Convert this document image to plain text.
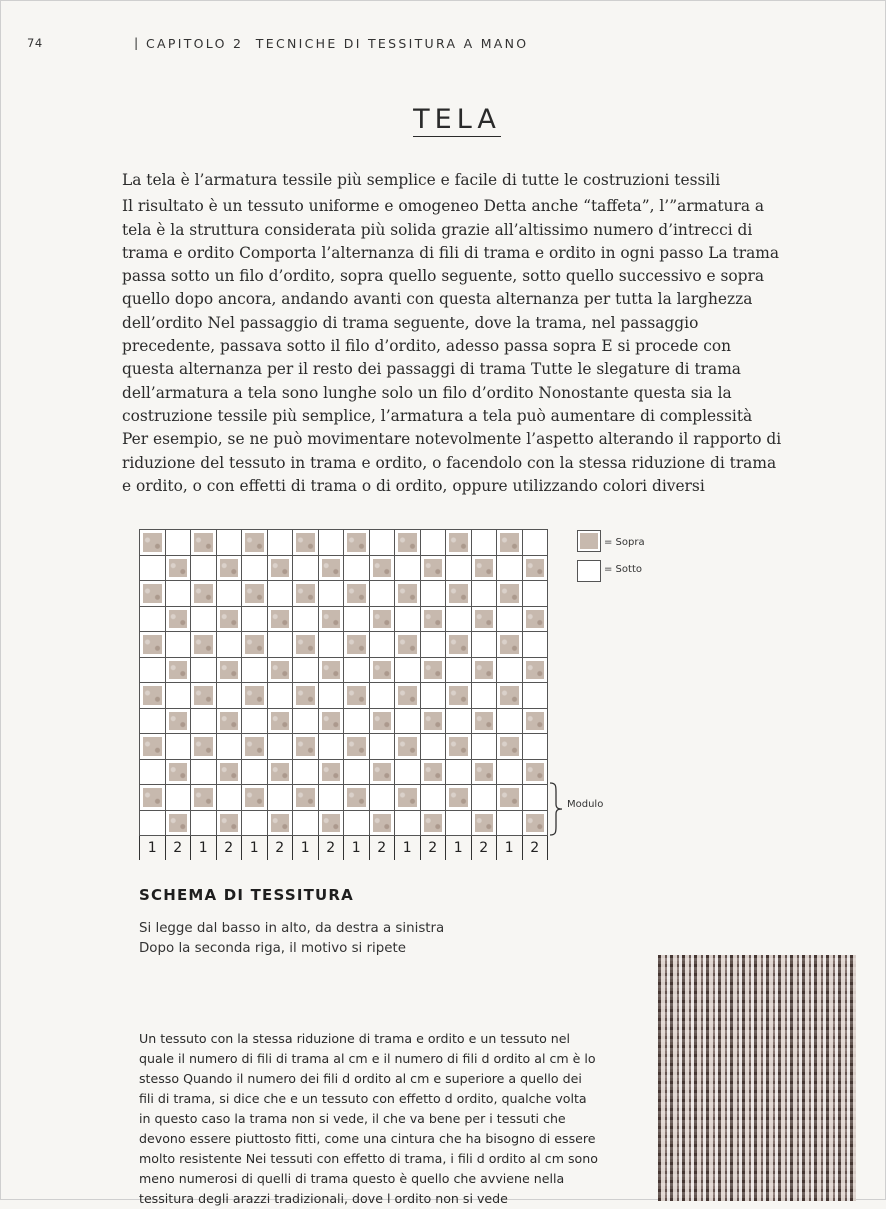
74	| CAPITOLO 2  TECNICHE DI TESSITURA A MANO
TELA

La tela è l’armatura tessile più semplice e facile di tutte le costruzioni tessili

Il risultato è un tessuto uniforme e omogeneo Detta anche “taffeta”, l’”armatura a tela è la struttura considerata più solida grazie all’altissimo numero d’intrecci di trama e ordito Comporta l’alternanza di fili di trama e ordito in ogni passo La trama passa sotto un filo d’ordito, sopra quello seguente, sotto quello successivo e sopra quello dopo ancora, andando avanti con questa alternanza per tutta la larghezza dell’ordito Nel passaggio di trama seguente, dove la trama, nel passaggio precedente, passava sotto il filo d’ordito, adesso passa sopra E si procede con questa alternanza per il resto dei passaggi di trama Tutte le slegature di trama dell’armatura a tela sono lunghe solo un filo d’ordito Nonostante questa sia la costruzione tessile più semplice, l’armatura a tela può aumentare di complessità Per esempio, se ne può movimentare notevolmente l’aspetto alterando il rapporto di riduzione del tessuto in trama e ordito, o facendolo con la stessa riduzione di trama e ordito, o con effetti di trama o di ordito, oppure utilizzando colori diversi

1	2	1	2	1	2	1	2	1	2	1	2	1	2	1	2
= Sopra
= Sotto
Modulo
SCHEMA DI TESSITURA

Si legge dal basso in alto, da destra a sinistra

Dopo la seconda riga, il motivo si ripete

Un tessuto con la stessa riduzione di trama e ordito e un tessuto nel quale il numero di fili di trama al cm e il numero di fili d ordito al cm è lo stesso Quando il numero dei fili d ordito al cm e superiore a quello dei fili di trama, si dice che e un tessuto con effetto d ordito, qualche volta in questo caso la trama non si vede, il che va bene per i tessuti che devono essere piuttosto fitti, come una cintura che ha bisogno di essere molto resistente Nei tessuti con effetto di trama, i fili d ordito al cm sono meno numerosi di quelli di trama questo è quello che avviene nella tessitura degli arazzi tradizionali, dove l ordito non si vede
